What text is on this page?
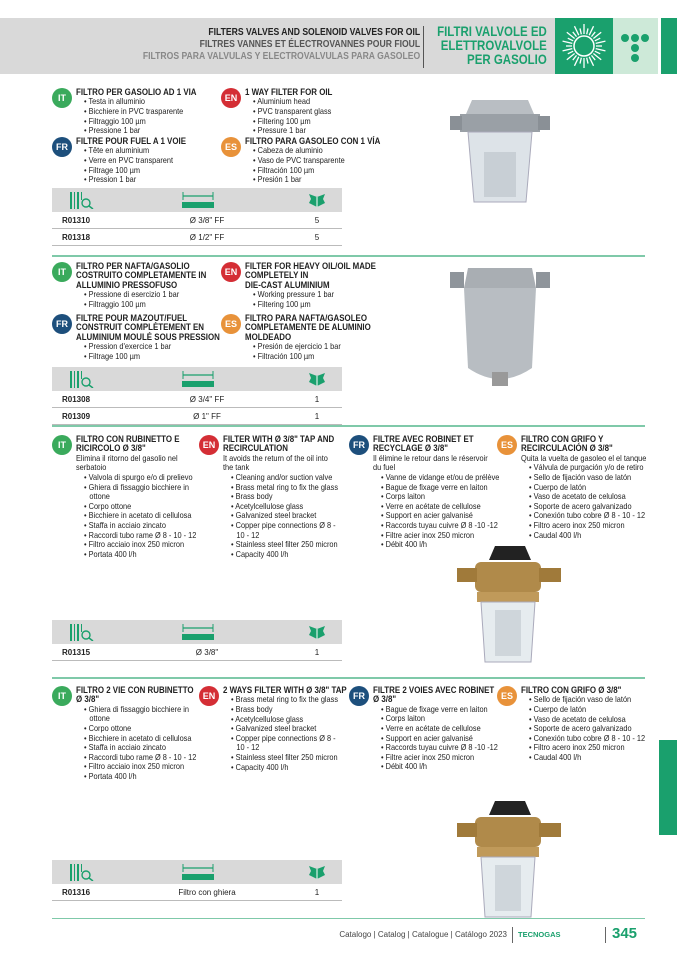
FILTERS VALVES AND SOLENOID VALVES FOR OIL
FILTRES VANNES ET ÉLECTROVANNES POUR FIOUL
FILTROS PARA VALVULAS Y ELECTROVALVULAS PARA GASOLEO
FILTRI VALVOLE ED
ELETTROVALVOLE
PER GASOLIO
IT
FILTRO PER GASOLIO AD 1 VIA
• Testa in alluminio
• Bicchiere in PVC trasparente
• Filtraggio 100 µm
• Pressione 1 bar
EN
1 WAY FILTER FOR OIL
• Aluminium head
• PVC transparent glass
• Filtering 100 µm
• Pressure 1 bar
FR
FILTRE POUR FUEL A 1 VOIE
• Tête en aluminium
• Verre en PVC transparent
• Filtrage 100 µm
• Pression 1 bar
ES
FILTRO PARA GASOLEO CON 1 VÍA
• Cabeza de aluminio
• Vaso de PVC transparente
• Filtración 100 µm
• Presión 1 bar
R01310	Ø 3/8" FF	5
R01318	Ø 1/2" FF	5
IT
FILTRO PER NAFTA/GASOLIO
COSTRUITO COMPLETAMENTE IN
ALLUMINIO PRESSOFUSO
• Pressione di esercizio 1 bar
• Filtraggio 100 µm
EN
FILTER FOR HEAVY OIL/OIL MADE
COMPLETELY IN
DIE-CAST ALUMINIUM
• Working pressure 1 bar
• Filtering 100 µm
FR
FILTRE POUR MAZOUT/FUEL
CONSTRUIT COMPLÈTEMENT EN
ALUMINIUM MOULÉ SOUS PRESSION
• Pression d'exercice 1 bar
• Filtrage 100 µm
ES
FILTRO PARA NAFTA/GASOLEO
COMPLETAMENTE DE ALUMINIO
MOLDEADO
• Presión de ejercicio 1 bar
• Filtración 100 µm
R01308	Ø 3/4" FF	1
R01309	Ø 1" FF	1
IT
FILTRO CON RUBINETTO E
RICIRCOLO Ø 3/8"
Elimina il ritorno del gasolio nel
serbatoio
• Valvola di spurgo e/o di prelievo
• Ghiera di fissaggio bicchiere in
ottone
• Corpo ottone
• Bicchiere in acetato di cellulosa
• Staffa in acciaio zincato
• Raccordi tubo rame Ø 8 - 10 - 12
• Filtro acciaio inox 250 micron
• Portata 400 l/h
EN
FILTER WITH Ø 3/8" TAP AND
RECIRCULATION
It avoids the return of the oil into
the tank
• Cleaning and/or suction valve
• Brass metal ring to fix the glass
• Brass body
• Acetylcellulose glass
• Galvanized steel bracket
• Copper pipe connections Ø 8 -
10 - 12
• Stainless steel filter 250 micron
• Capacity 400 l/h
FR
FILTRE AVEC ROBINET ET
RECYCLAGE Ø 3/8"
Il élimine le retour dans le réservoir
du fuel
• Vanne de vidange et/ou de prélève
• Bague de fixage verre en laiton
• Corps laiton
• Verre en acétate de cellulose
• Support en acier galvanisé
• Raccords tuyau cuivre Ø 8 -10 -12
• Filtre acier inox 250 micron
• Débit 400 l/h
ES
FILTRO CON GRIFO Y
RECIRCULACIÓN Ø 3/8"
Quita la vuelta de gasoleo el el tanque
• Válvula de purgación y/o de retiro
• Sello de fijación vaso de latón
• Cuerpo de latón
• Vaso de acetato de celulosa
• Soporte de acero galvanizado
• Conexión tubo cobre Ø 8 - 10 - 12
• Filtro acero inox 250 micron
• Caudal 400 l/h
R01315	Ø 3/8"	1
IT
FILTRO 2 VIE CON RUBINETTO
Ø 3/8"
• Ghiera di fissaggio bicchiere in
ottone
• Corpo ottone
• Bicchiere in acetato di cellulosa
• Staffa in acciaio zincato
• Raccordi tubo rame Ø 8 - 10 - 12
• Filtro acciaio inox 250 micron
• Portata 400 l/h
EN
2 WAYS FILTER WITH Ø 3/8" TAP
• Brass metal ring to fix the glass
• Brass body
• Acetylcellulose glass
• Galvanized steel bracket
• Copper pipe connections Ø 8 -
10 - 12
• Stainless steel filter 250 micron
• Capacity 400 l/h
FR
FILTRE 2 VOIES AVEC ROBINET
Ø 3/8"
• Bague de fixage verre en laiton
• Corps laiton
• Verre en acétate de cellulose
• Support en acier galvanisé
• Raccords tuyau cuivre Ø 8 -10 -12
• Filtre acier inox 250 micron
• Débit 400 l/h
ES
FILTRO CON GRIFO Ø 3/8"
• Sello de fijación vaso de latón
• Cuerpo de latón
• Vaso de acetato de celulosa
• Soporte de acero galvanizado
• Conexión tubo cobre Ø 8 - 10 - 12
• Filtro acero inox 250 micron
• Caudal 400 l/h
R01316	Filtro con ghiera	1
Catalogo | Catalog | Catalogue | Catálogo 2023 TECNOGAS	345
